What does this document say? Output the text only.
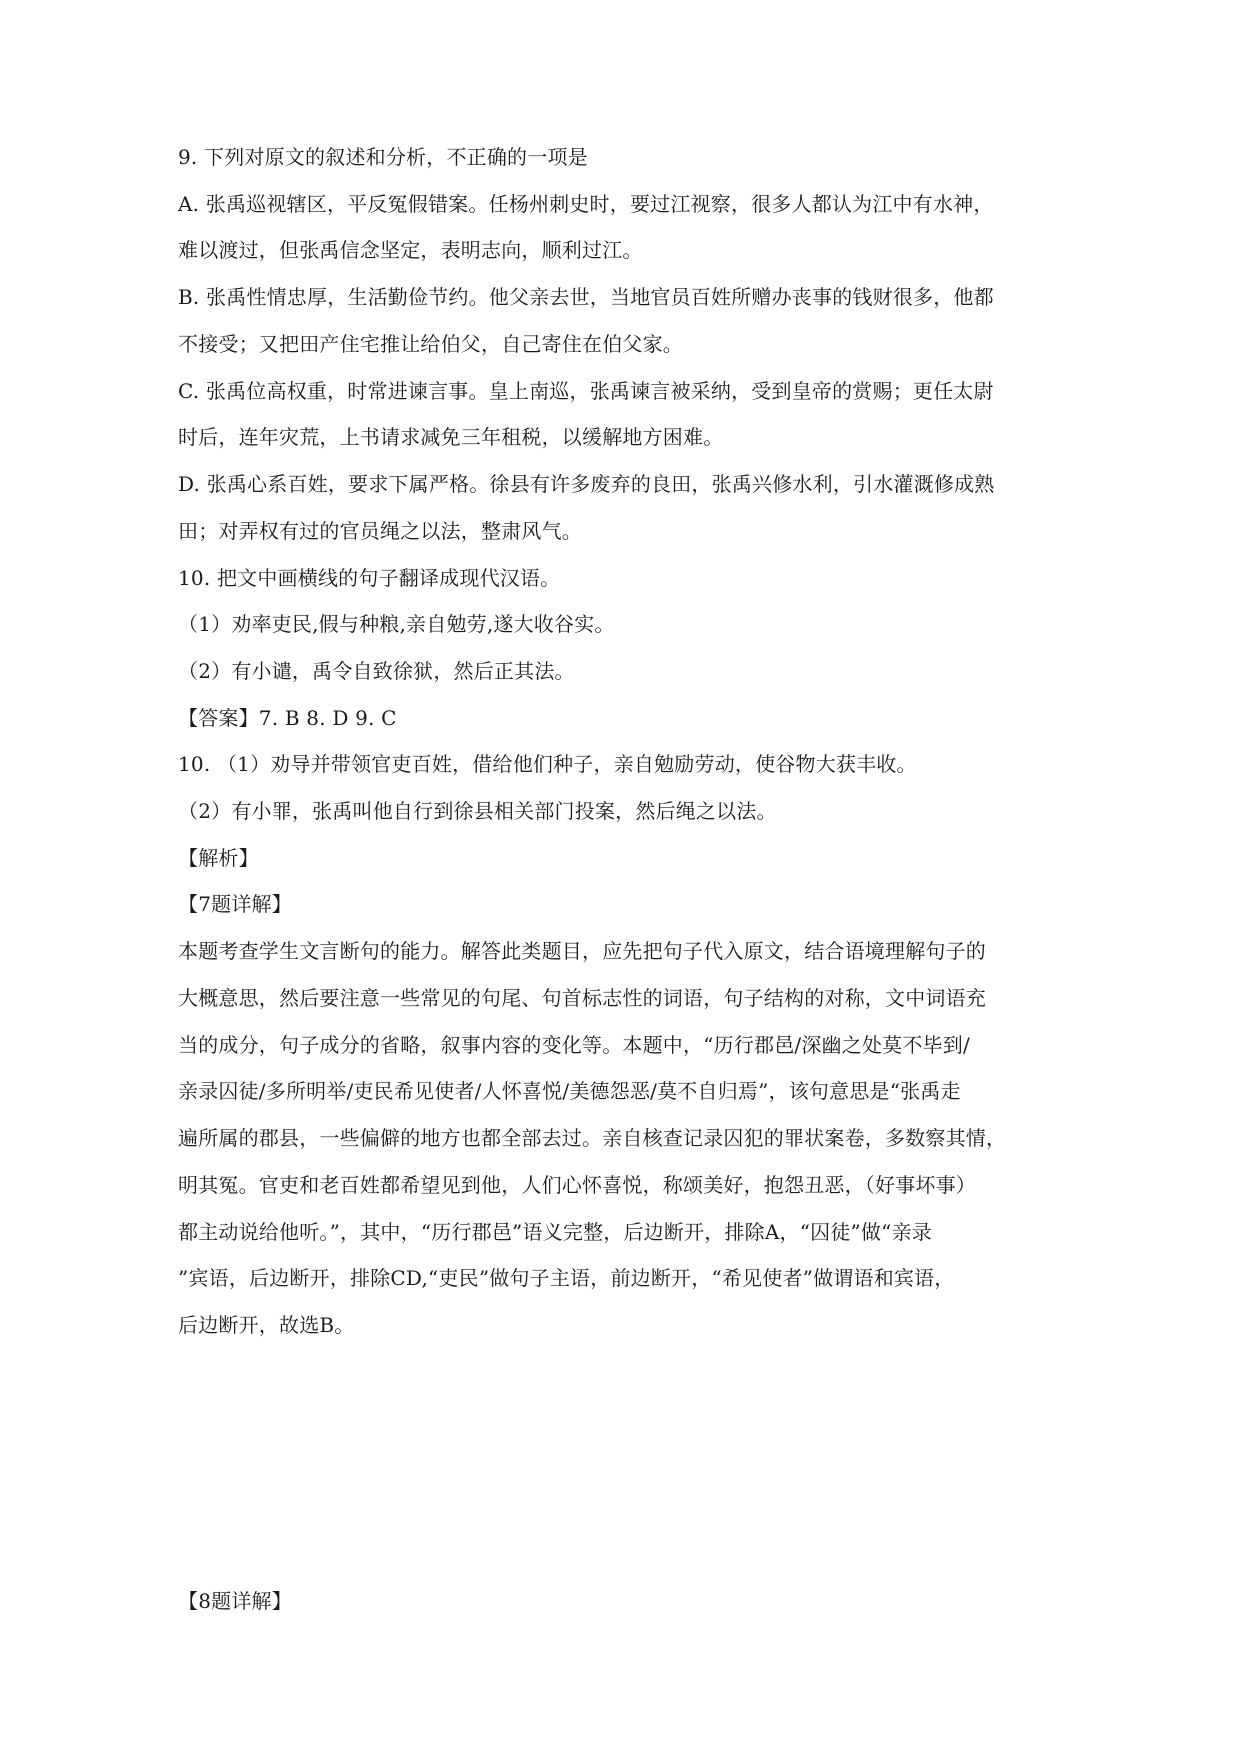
9. 下列对原文的叙述和分析，不正确的一项是
A. 张禹巡视辖区，平反冤假错案。任杨州刺史时，要过江视察，很多人都认为江中有水神，
难以渡过，但张禹信念坚定，表明志向，顺利过江。
B. 张禹性情忠厚，生活勤俭节约。他父亲去世，当地官员百姓所赠办丧事的钱财很多，他都
不接受；又把田产住宅推让给伯父，自己寄住在伯父家。
C. 张禹位高权重，时常进谏言事。皇上南巡，张禹谏言被采纳，受到皇帝的赏赐；更任太尉
时后，连年灾荒，上书请求减免三年租税，以缓解地方困难。
D. 张禹心系百姓，要求下属严格。徐县有许多废弃的良田，张禹兴修水利，引水灌溉修成熟
田；对弄权有过的官员绳之以法，整肃风气。
10. 把文中画横线的句子翻译成现代汉语。
（1）劝率吏民,假与种粮,亲自勉劳,遂大收谷实。
（2）有小谴，禹令自致徐狱，然后正其法。
【答案】7. B 8. D 9. C
10. （1）劝导并带领官吏百姓，借给他们种子，亲自勉励劳动，使谷物大获丰收。
（2）有小罪，张禹叫他自行到徐县相关部门投案，然后绳之以法。
【解析】
【7题详解】
本题考查学生文言断句的能力。解答此类题目，应先把句子代入原文，结合语境理解句子的
大概意思，然后要注意一些常见的句尾、句首标志性的词语，句子结构的对称，文中词语充
当的成分，句子成分的省略，叙事内容的变化等。本题中，“历行郡邑/深幽之处莫不毕到/
亲录囚徒/多所明举/吏民希见使者/人怀喜悦/美德怨恶/莫不自归焉”，该句意思是“张禹走
遍所属的郡县，一些偏僻的地方也都全部去过。亲自核查记录囚犯的罪状案卷，多数察其情，
明其冤。官吏和老百姓都希望见到他，人们心怀喜悦，称颂美好，抱怨丑恶，（好事坏事）
都主动说给他听。”，其中，“历行郡邑”语义完整，后边断开，排除A，“囚徒”做“亲录
”宾语，后边断开，排除CD,“吏民”做句子主语，前边断开，“希见使者”做谓语和宾语，
后边断开，故选B。
【8题详解】
